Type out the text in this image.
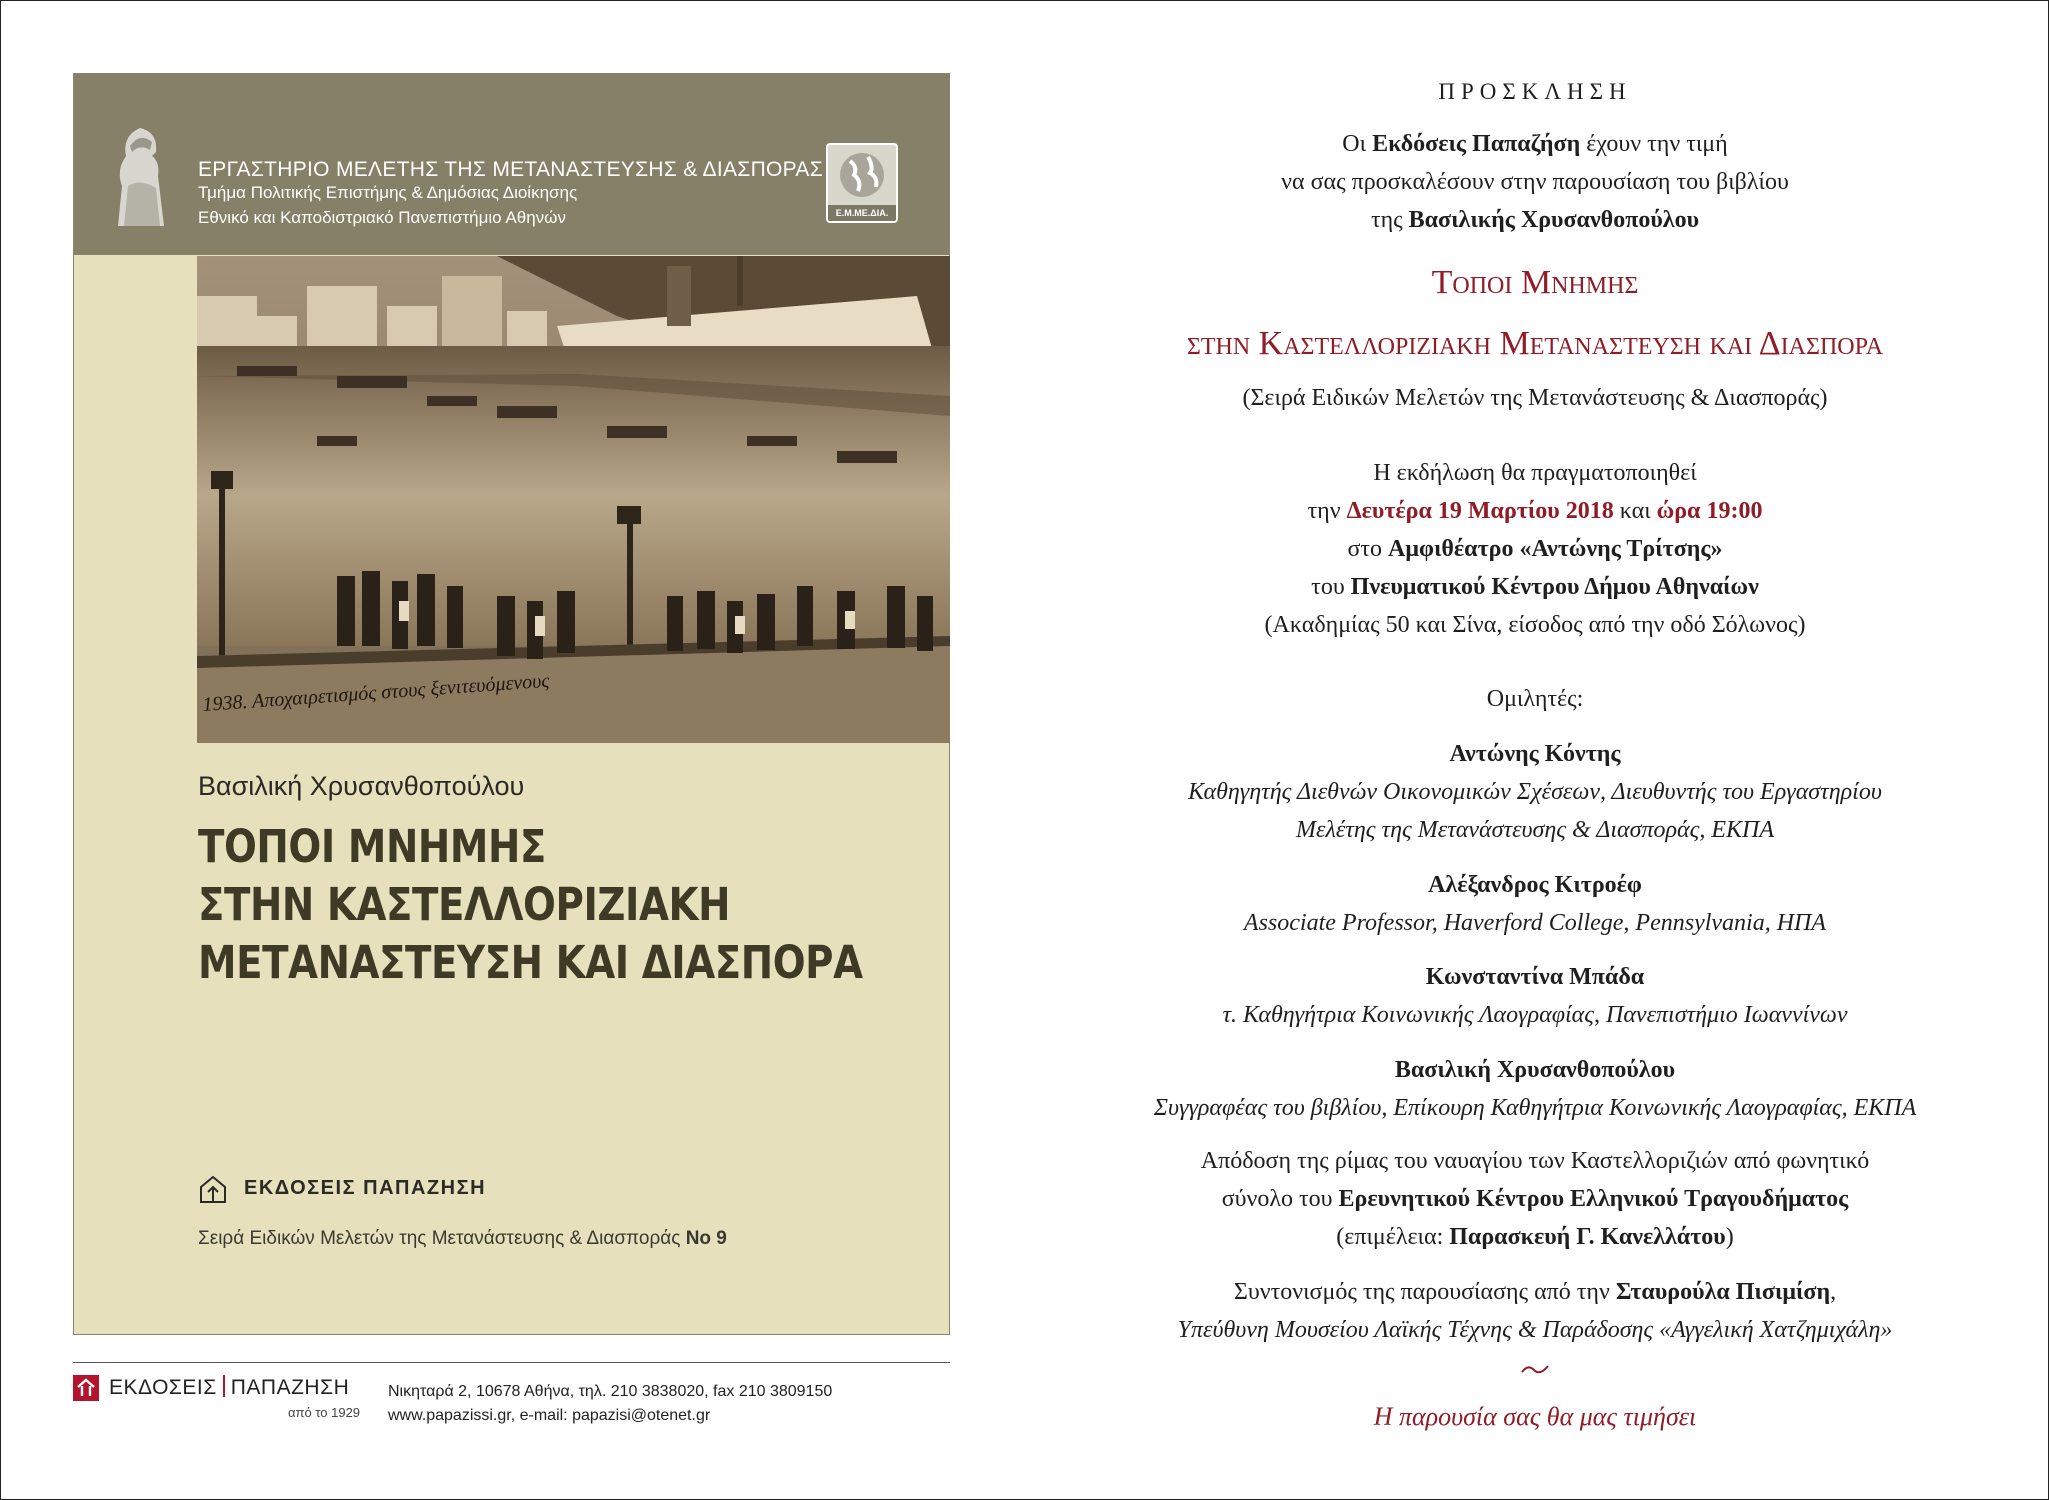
ΕΡΓΑΣΤΗΡΙΟ ΜΕΛΕΤΗΣ ΤΗΣ ΜΕΤΑΝΑΣΤΕΥΣΗΣ & ΔΙΑΣΠΟΡΑΣ
Τμήμα Πολιτικής Επιστήμης & Δημόσιας Διοίκησης
Εθνικό και Καποδιστριακό Πανεπιστήμιο Αθηνών	Ε.Μ.ΜΕ.ΔΙΑ.
1938. Αποχαιρετισμός στους ξενιτευόμενους
Βασιλική Χρυσανθοπούλου
ΤΟΠΟΙ ΜΝΗΜΗΣ
ΣΤΗΝ ΚΑΣΤΕΛΛΟΡΙΖΙΑΚΗ
ΜΕΤΑΝΑΣΤΕΥΣΗ ΚΑΙ ΔΙΑΣΠΟΡΑ
ΕΚΔΟΣΕΙΣ ΠΑΠΑΖΗΣΗ
Σειρά Ειδικών Μελετών της Μετανάστευσης & Διασποράς Νο 9
ΕΚΔΟΣΕΙΣ ΠΑΠΑΖΗΣΗ
από το 1929
Νικηταρά 2, 10678 Αθήνα, τηλ. 210 3838020, fax 210 3809150
www.papazissi.gr, e-mail: papazisi@otenet.gr
ΠΡΟΣΚΛΗΣΗ
Οι Εκδόσεις Παπαζήση έχουν την τιμή
να σας προσκαλέσουν στην παρουσίαση του βιβλίου
της Βασιλικής Χρυσανθοπούλου
Τοποι Μνημης
στην Καστελλοριζιακη Μεταναστευση και Διασπορα
(Σειρά Ειδικών Μελετών της Μετανάστευσης & Διασποράς)
Η εκδήλωση θα πραγματοποιηθεί
την Δευτέρα 19 Μαρτίου 2018 και ώρα 19:00
στο Αμφιθέατρο «Αντώνης Τρίτσης»
του Πνευματικού Κέντρου Δήμου Αθηναίων
(Ακαδημίας 50 και Σίνα, είσοδος από την οδό Σόλωνος)
Ομιλητές:
Αντώνης Κόντης
Καθηγητής Διεθνών Οικονομικών Σχέσεων, Διευθυντής του Εργαστηρίου
Μελέτης της Μετανάστευσης & Διασποράς, ΕΚΠΑ
Αλέξανδρος Κιτροέφ
Associate Professor, Haverford College, Pennsylvania, ΗΠΑ
Κωνσταντίνα Μπάδα
τ. Καθηγήτρια Κοινωνικής Λαογραφίας, Πανεπιστήμιο Ιωαννίνων
Βασιλική Χρυσανθοπούλου
Συγγραφέας του βιβλίου, Επίκουρη Καθηγήτρια Κοινωνικής Λαογραφίας, ΕΚΠΑ
Απόδοση της ρίμας του ναυαγίου των Καστελλοριζιών από φωνητικό
σύνολο του Ερευνητικού Κέντρου Ελληνικού Τραγουδήματος
(επιμέλεια: Παρασκευή Γ. Κανελλάτου)
Συντονισμός της παρουσίασης από την Σταυρούλα Πισιμίση,
Υπεύθυνη Μουσείου Λαϊκής Τέχνης & Παράδοσης «Αγγελική Χατζημιχάλη»
Η παρουσία σας θα μας τιμήσει
